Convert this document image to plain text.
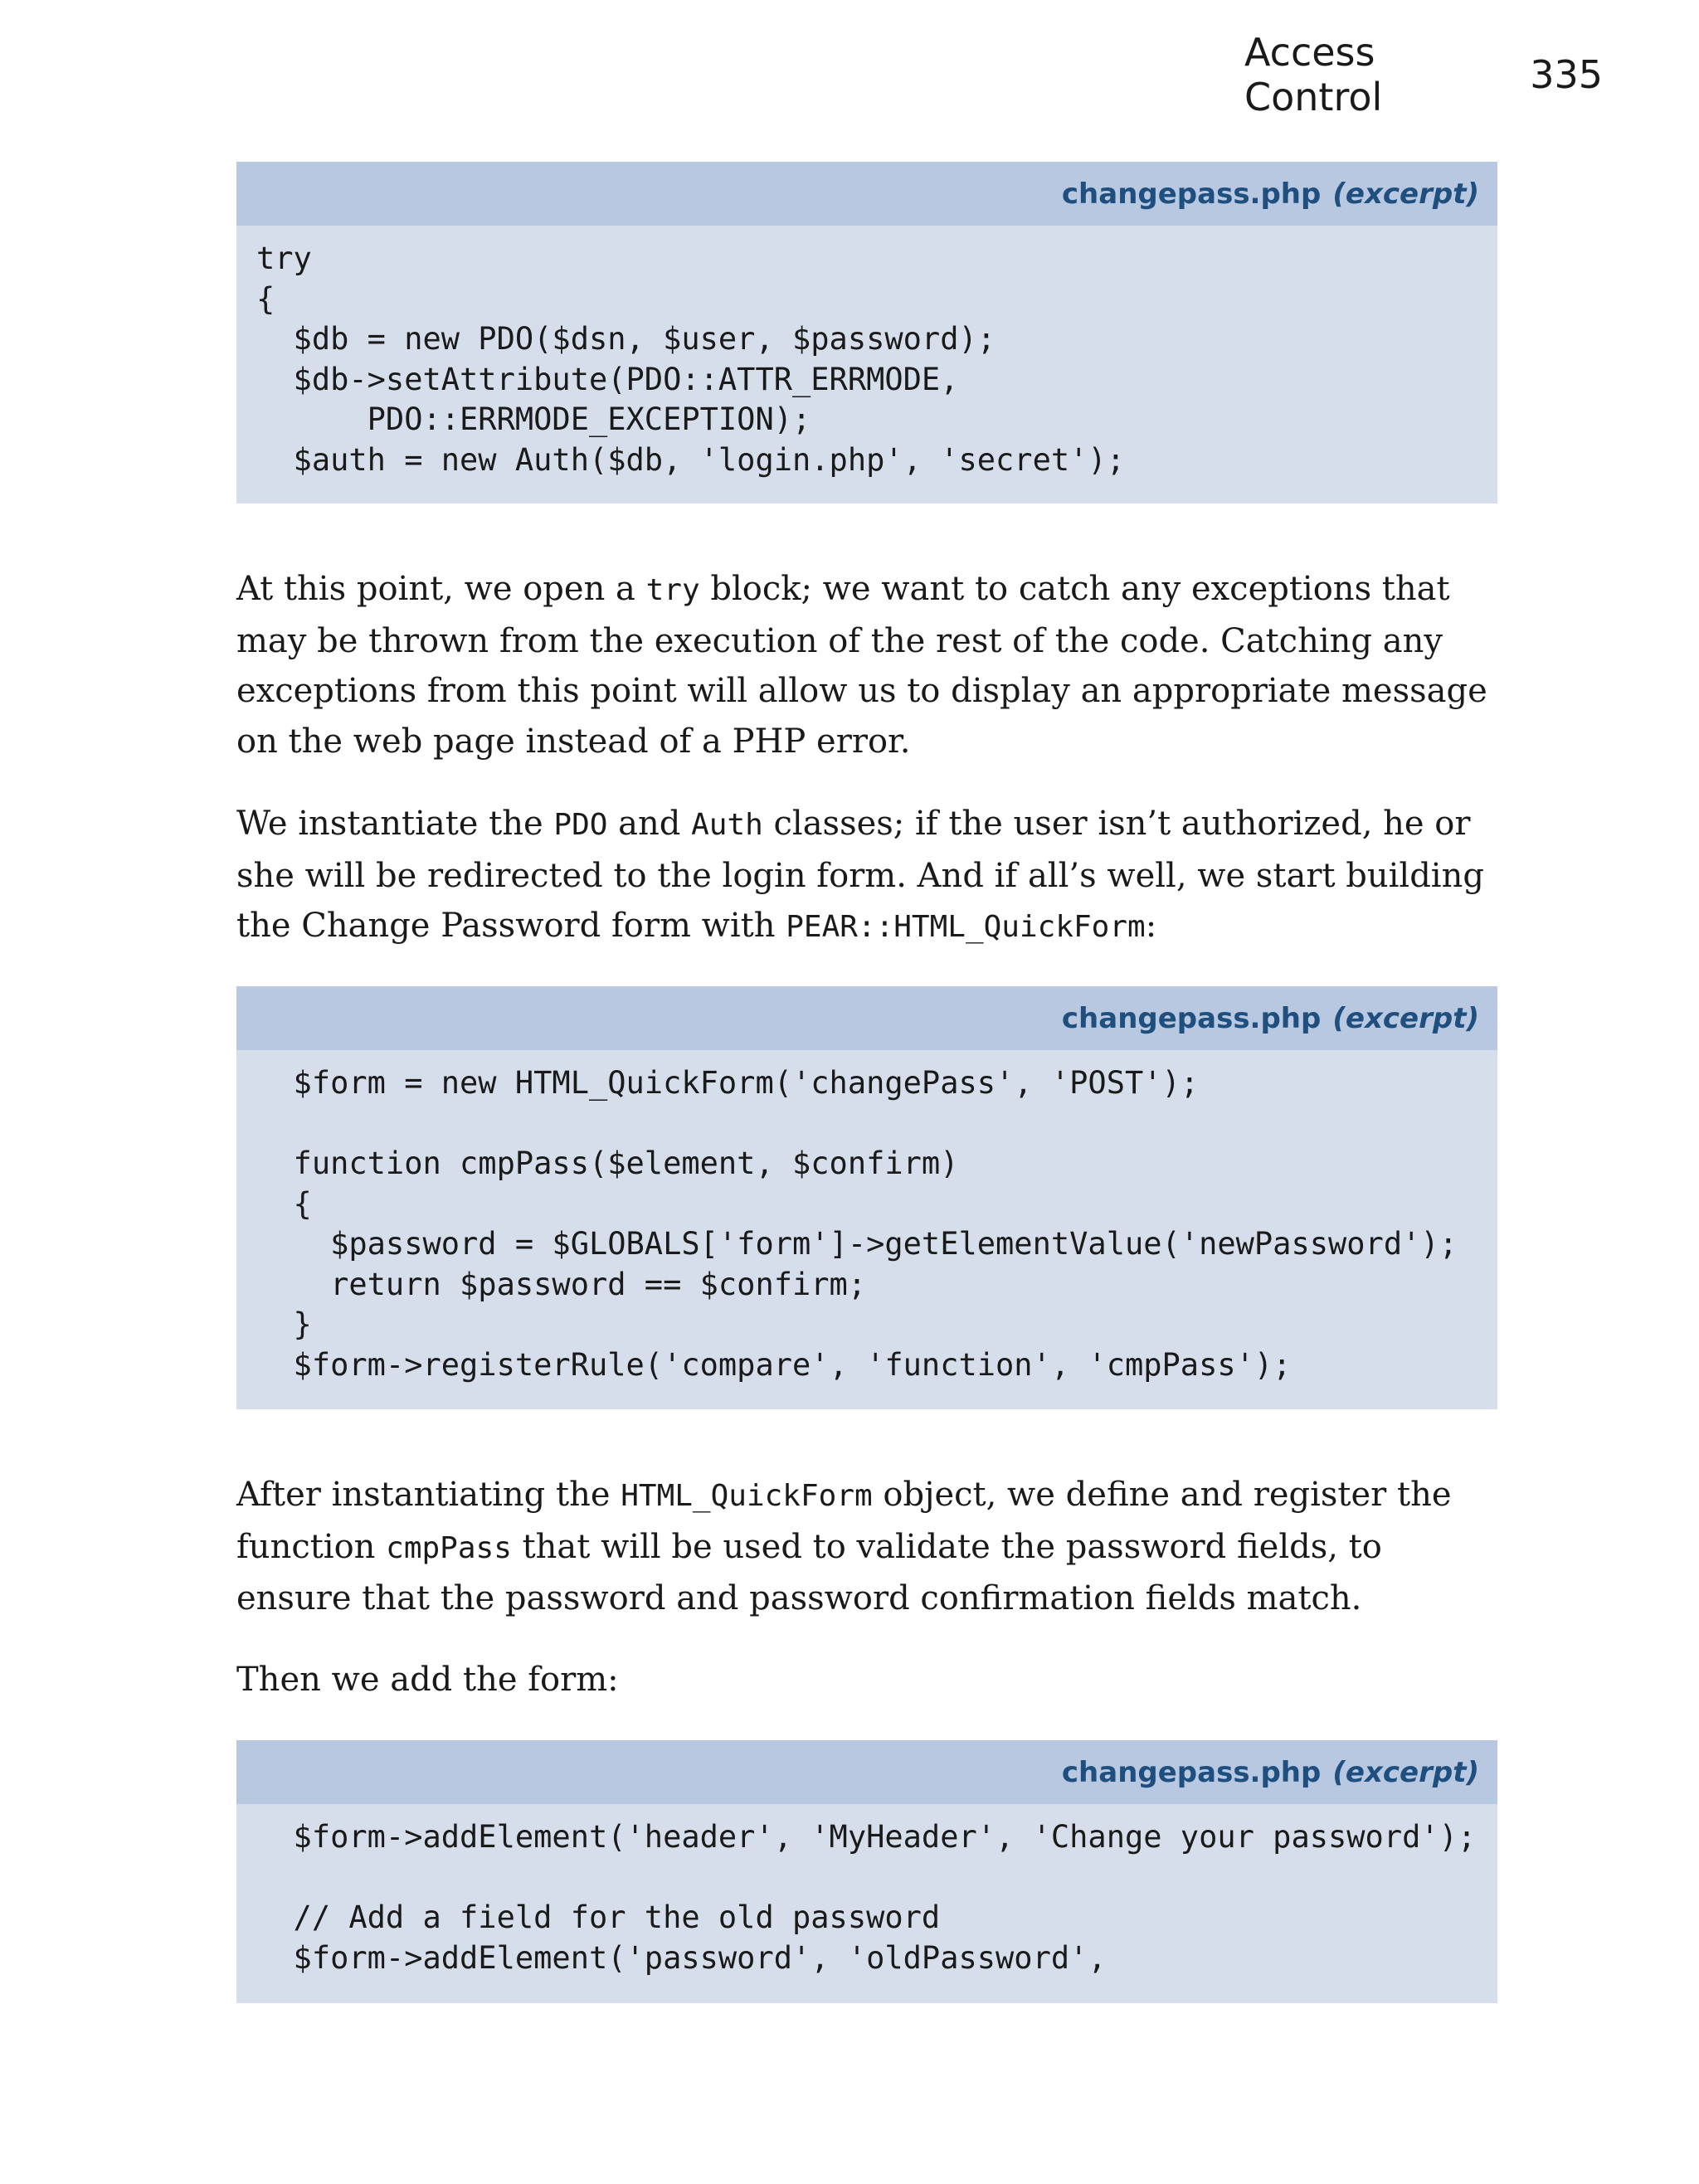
Access Control	335
changepass.php (excerpt)
try
{
$db = new PDO($dsn, $user, $password);
$db->setAttribute(PDO::ATTR_ERRMODE,
PDO::ERRMODE_EXCEPTION);
$auth = new Auth($db, 'login.php', 'secret');

At this point, we open a try block; we want to catch any exceptions that may be thrown from the execution of the rest of the code. Catching any exceptions from this point will allow us to display an appropriate message on the web page instead of a PHP error.

We instantiate the PDO and Auth classes; if the user isn’t authorized, he or she will be redirected to the login form. And if all’s well, we start building the Change Password form with PEAR::HTML_QuickForm:

changepass.php (excerpt)
$form = new HTML_QuickForm('changePass', 'POST');

function cmpPass($element, $confirm)
{
$password = $GLOBALS['form']->getElementValue('newPassword');
return $password == $confirm;
}
$form->registerRule('compare', 'function', 'cmpPass');

After instantiating the HTML_QuickForm object, we define and register the function cmpPass that will be used to validate the password fields, to ensure that the password and password confirmation fields match.

Then we add the form:

changepass.php (excerpt)
$form->addElement('header', 'MyHeader', 'Change your password');

// Add a field for the old password
$form->addElement('password', 'oldPassword',
